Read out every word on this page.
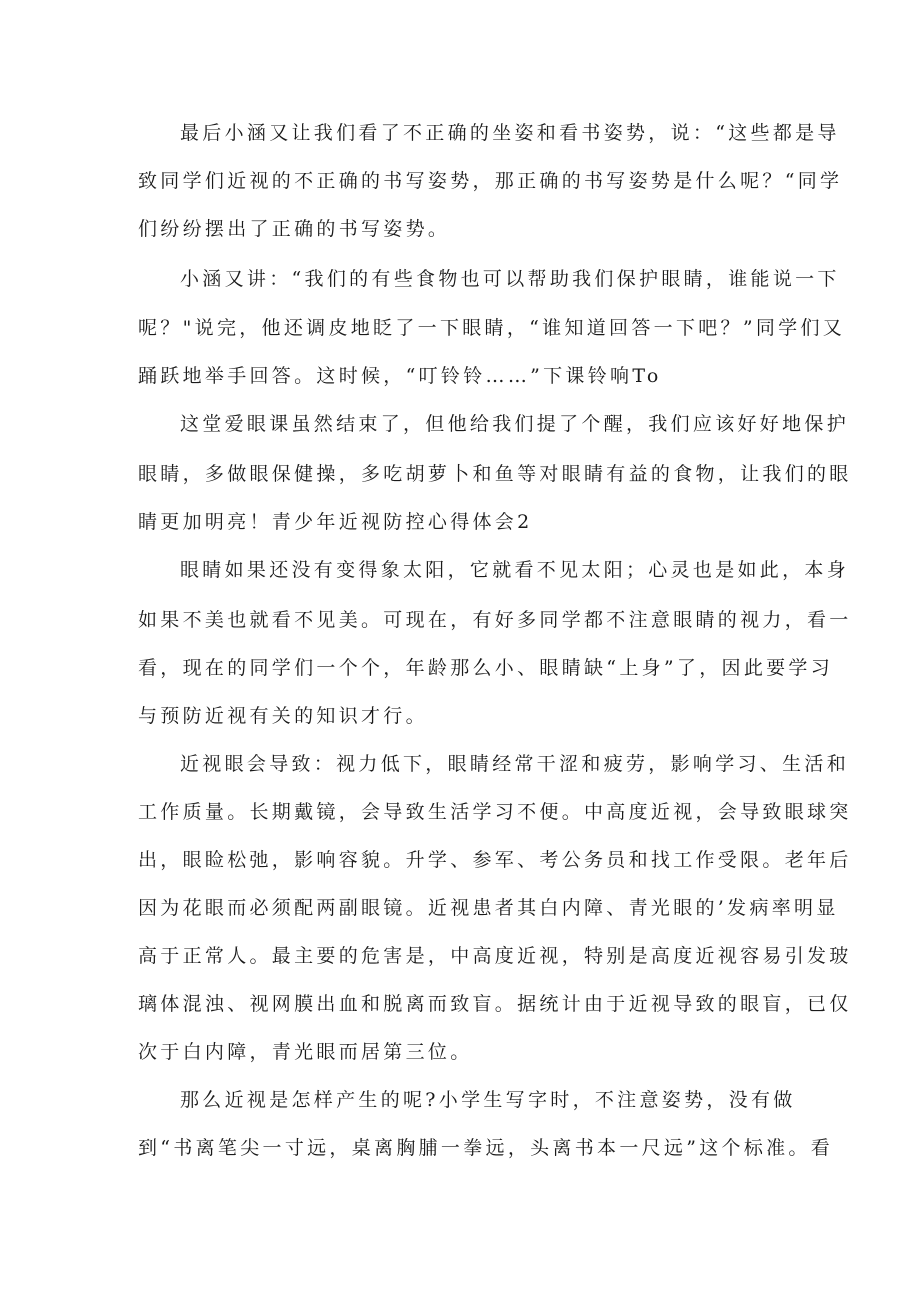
最后小涵又让我们看了不正确的坐姿和看书姿势，说：“这些都是导
致同学们近视的不正确的书写姿势，那正确的书写姿势是什么呢？“同学
们纷纷摆出了正确的书写姿势。
小涵又讲：“我们的有些食物也可以帮助我们保护眼睛，谁能说一下
呢？"说完，他还调皮地眨了一下眼睛，“谁知道回答一下吧？”同学们又
踊跃地举手回答。这时候，“叮铃铃……”下课铃响To
这堂爱眼课虽然结束了，但他给我们提了个醒，我们应该好好地保护
眼睛，多做眼保健操，多吃胡萝卜和鱼等对眼睛有益的食物，让我们的眼
睛更加明亮！青少年近视防控心得体会2
眼睛如果还没有变得象太阳，它就看不见太阳；心灵也是如此，本身
如果不美也就看不见美。可现在，有好多同学都不注意眼睛的视力，看一
看，现在的同学们一个个，年龄那么小、眼睛缺“上身”了，因此要学习
与预防近视有关的知识才行。
近视眼会导致：视力低下，眼睛经常干涩和疲劳，影响学习、生活和
工作质量。长期戴镜，会导致生活学习不便。中高度近视，会导致眼球突
出，眼睑松弛，影响容貌。升学、参军、考公务员和找工作受限。老年后
因为花眼而必须配两副眼镜。近视患者其白内障、青光眼的’发病率明显
高于正常人。最主要的危害是，中高度近视，特别是高度近视容易引发玻
璃体混浊、视网膜出血和脱离而致盲。据统计由于近视导致的眼盲，已仅
次于白内障，青光眼而居第三位。
那么近视是怎样产生的呢?小学生写字时，不注意姿势，没有做
到“书离笔尖一寸远，桌离胸脯一拳远，头离书本一尺远”这个标准。看
